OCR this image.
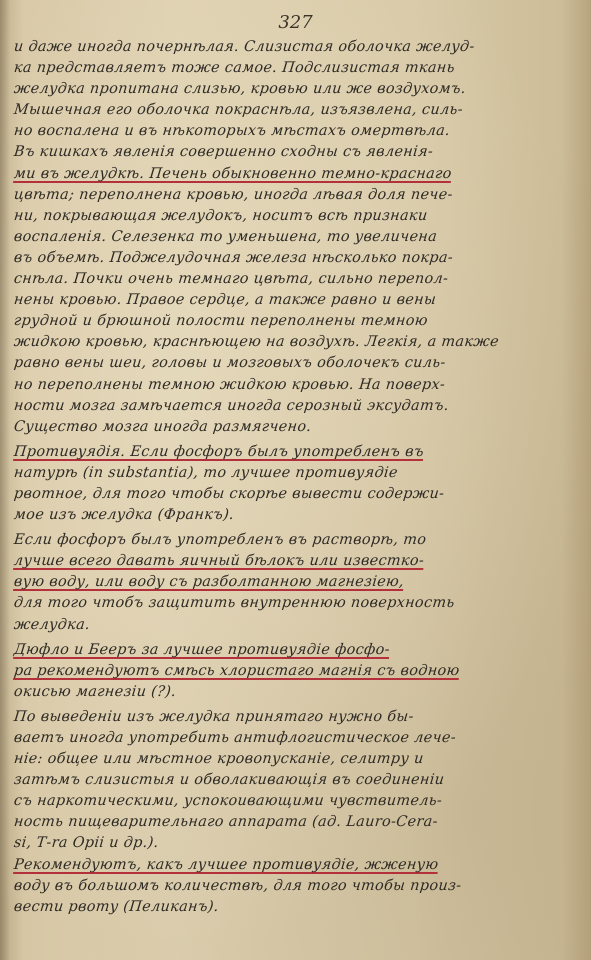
327
и даже иногда почернѣлая. Слизистая оболочка желуд-
ка представляетъ тоже самое. Подслизистая ткань
желудка пропитана слизью, кровью или же воздухомъ.
Мышечная его оболочка покраснѣла, изъязвлена, силь-
но воспалена и въ нѣкоторыхъ мѣстахъ омертвѣла.
Въ кишкахъ явленія совершенно сходны съ явленія-
ми въ желудкѣ. Печень обыкновенно темно-краснаго
цвѣта; переполнена кровью, иногда лѣвая доля пече-
ни, покрывающая желудокъ, носитъ всѣ признаки
воспаленія. Селезенка то уменьшена, то увеличена
въ объемѣ. Поджелудочная железа нѣсколько покра-
снѣла. Почки очень темнаго цвѣта, сильно перепол-
нены кровью. Правое сердце, а также равно и вены
грудной и брюшной полости переполнены темною
жидкою кровью, краснѣющею на воздухѣ. Легкія, а также
равно вены шеи, головы и мозговыхъ оболочекъ силь-
но переполнены темною жидкою кровью. На поверх-
ности мозга замѣчается иногда серозный эксудатъ.
Существо мозга иногда размягчено.
Противуядія. Если фосфоръ былъ употребленъ въ
натурѣ (in substantia), то лучшее противуядіе
рвотное, для того чтобы скорѣе вывести содержи-
мое изъ желудка (Франкъ).
Если фосфоръ былъ употребленъ въ растворѣ, то
лучше всего давать яичный бѣлокъ или известко-
вую воду, или воду съ разболтанною магнезіею,
для того чтобъ защитить внутреннюю поверхность
желудка.
Дюфло и Бееръ за лучшее противуядіе фосфо-
ра рекомендуютъ смѣсь хлористаго магнія съ водною
окисью магнезіи (?).
По выведеніи изъ желудка принятаго нужно бы-
ваетъ иногда употребить антифлогистическое лече-
ніе: общее или мѣстное кровопусканіе, селитру и
затѣмъ слизистыя и обволакивающія въ соединеніи
съ наркотическими, успокоивающими чувствитель-
ность пищеварительнаго аппарата (ад. Lauro-Cera-
si, Т-ra Opii и др.).
Рекомендуютъ, какъ лучшее противуядіе, жженую
воду въ большомъ количествѣ, для того чтобы произ-
вести рвоту (Пеликанъ).
